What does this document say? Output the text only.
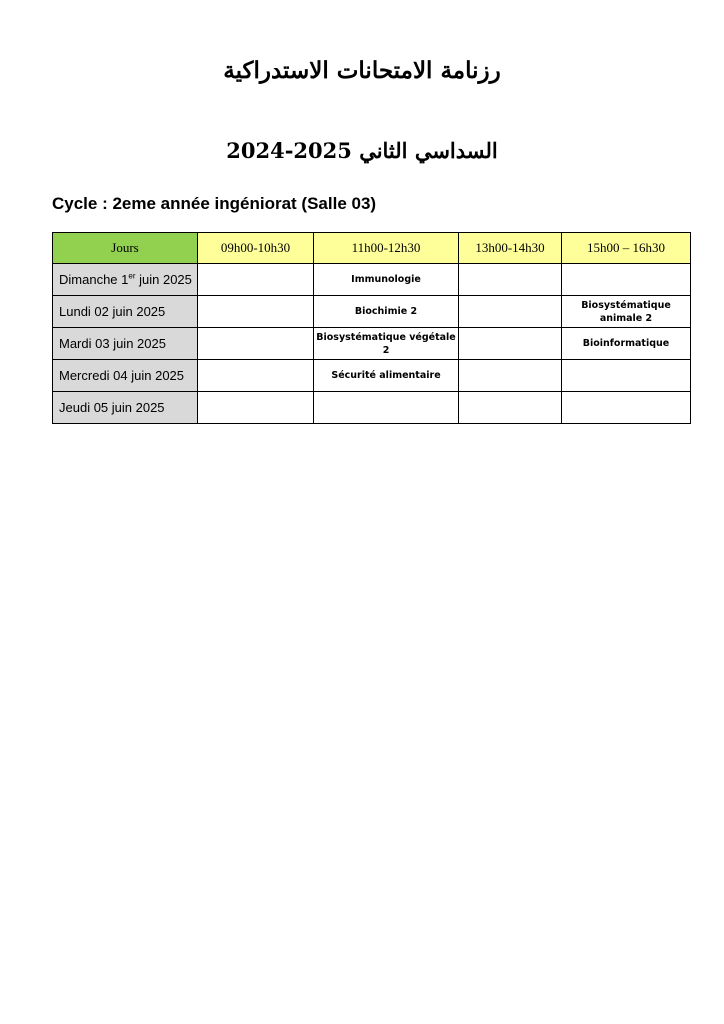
رزنامة الامتحانات الاستدراكية
السداسي الثاني 2024-2025
Cycle : 2eme année ingéniorat (Salle 03)
Jours	09h00-10h30	11h00-12h30	13h00-14h30	15h00 – 16h30
Dimanche 1er juin 2025		Immunologie		
Lundi 02 juin 2025		Biochimie 2		Biosystématique animale 2
Mardi 03 juin 2025		Biosystématique végétale 2		Bioinformatique
Mercredi 04 juin 2025		Sécurité alimentaire		
Jeudi 05 juin 2025				
